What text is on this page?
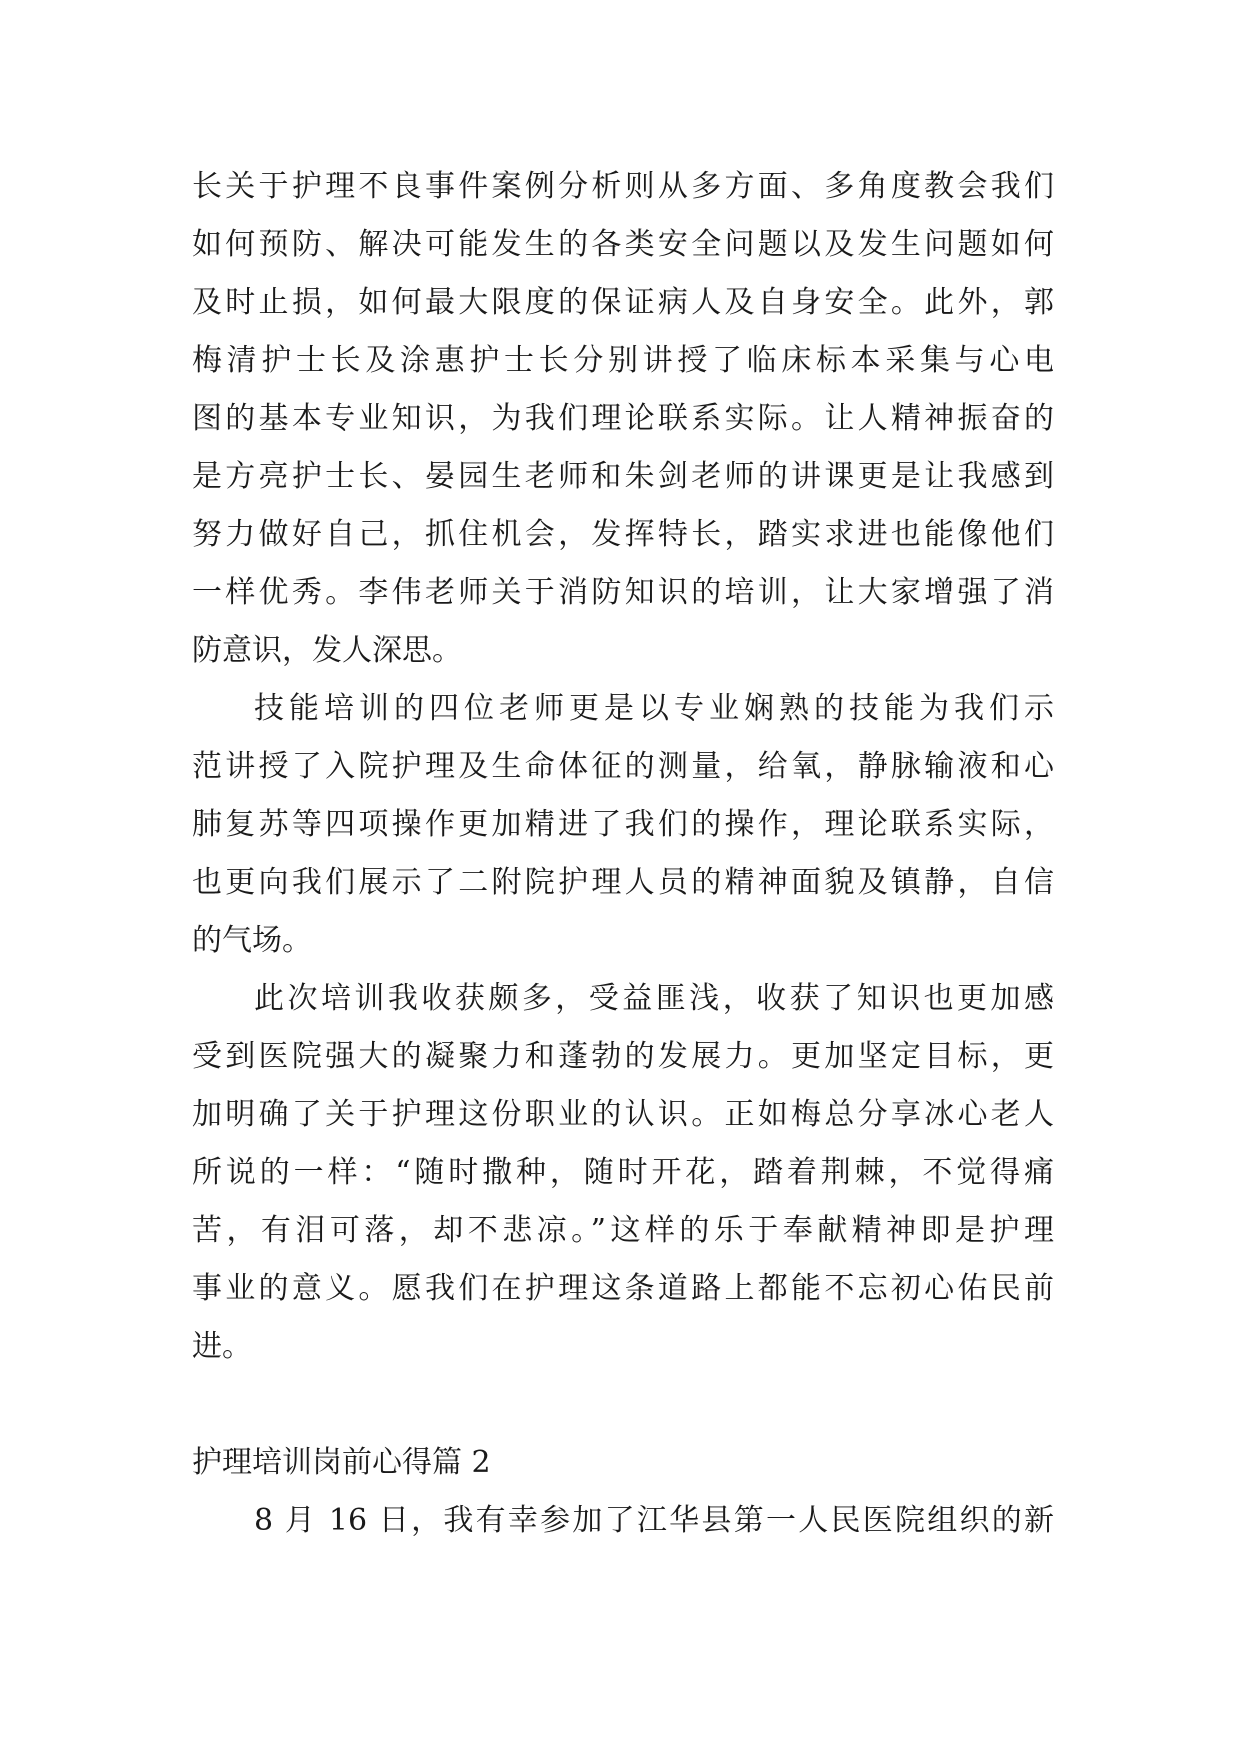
长关于护理不良事件案例分析则从多方面、多角度教会我们
如何预防、解决可能发生的各类安全问题以及发生问题如何
及时止损，如何最大限度的保证病人及自身安全。此外，郭
梅清护士长及涂惠护士长分别讲授了临床标本采集与心电
图的基本专业知识，为我们理论联系实际。让人精神振奋的
是方亮护士长、晏园生老师和朱剑老师的讲课更是让我感到
努力做好自己，抓住机会，发挥特长，踏实求进也能像他们
一样优秀。李伟老师关于消防知识的培训，让大家增强了消
防意识，发人深思。
技能培训的四位老师更是以专业娴熟的技能为我们示
范讲授了入院护理及生命体征的测量，给氧，静脉输液和心
肺复苏等四项操作更加精进了我们的操作，理论联系实际，
也更向我们展示了二附院护理人员的精神面貌及镇静，自信
的气场。
此次培训我收获颇多，受益匪浅，收获了知识也更加感
受到医院强大的凝聚力和蓬勃的发展力。更加坚定目标，更
加明确了关于护理这份职业的认识。正如梅总分享冰心老人
所说的一样：“随时撒种，随时开花，踏着荆棘，不觉得痛
苦，有泪可落，却不悲凉。”这样的乐于奉献精神即是护理
事业的意义。愿我们在护理这条道路上都能不忘初心佑民前
进。
护理培训岗前心得篇 2
8 月 16 日，我有幸参加了江华县第一人民医院组织的新
